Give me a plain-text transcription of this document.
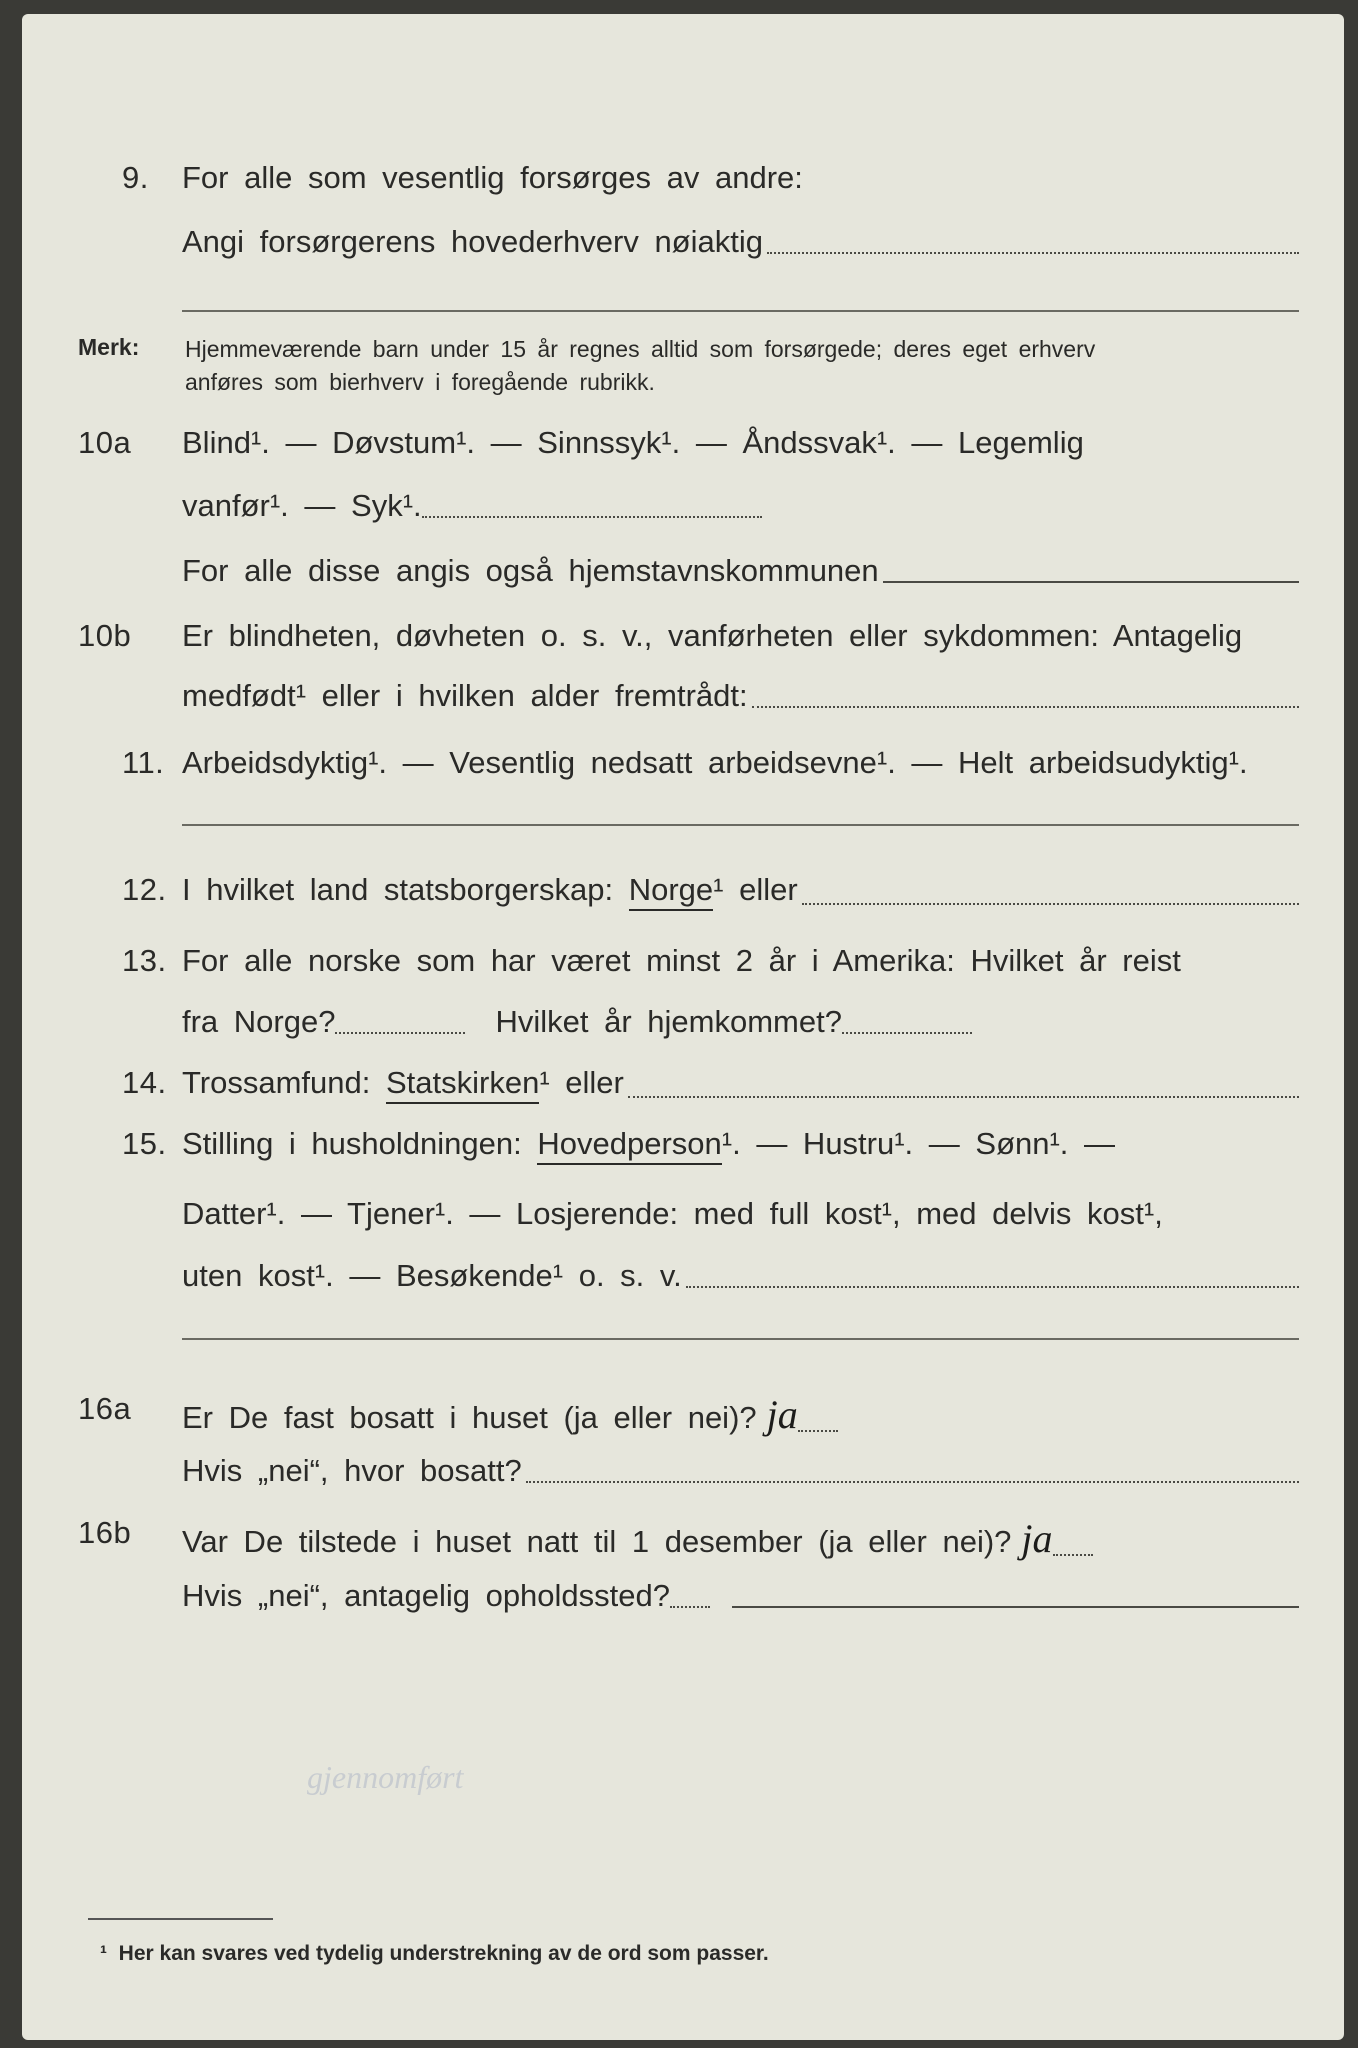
9. For alle som vesentlig forsørges av andre:
Angi forsørgerens hovederhverv nøiaktig
Merk: Hjemmeværende barn under 15 år regnes alltid som forsørgede; deres eget erhverv
anføres som bierhverv i foregående rubrikk.
10a Blind¹. — Døvstum¹. — Sinnssyk¹. — Åndssvak¹. — Legemlig
vanfør¹. — Syk¹.
For alle disse angis også hjemstavnskommunen
10b Er blindheten, døvheten o. s. v., vanførheten eller sykdommen: Antagelig
medfødt¹ eller i hvilken alder fremtrådt:
11. Arbeidsdyktig¹. — Vesentlig nedsatt arbeidsevne¹. — Helt arbeidsudyktig¹.
12. I hvilket land statsborgerskap:
Norge ¹ eller
13. For alle norske som har været minst 2 år i Amerika: Hvilket år reist
fra Norge?	Hvilket år hjemkommet?
14. Trossamfund:
Statskirken ¹ eller
15. Stilling i husholdningen:
Hovedperson ¹. — Hustru¹. — Sønn¹. —
Datter¹. — Tjener¹. — Losjerende: med full kost¹, med delvis kost¹,
uten kost¹. — Besøkende¹ o. s. v.
16a Er De fast bosatt i huset (ja eller nei)? ja
Hvis „nei“, hvor bosatt?
16b Var De tilstede i huset natt til 1 desember (ja eller nei)? ja
Hvis „nei“, antagelig opholdssted?
gjennomført
¹ Her kan svares ved tydelig understrekning av de ord som passer.
